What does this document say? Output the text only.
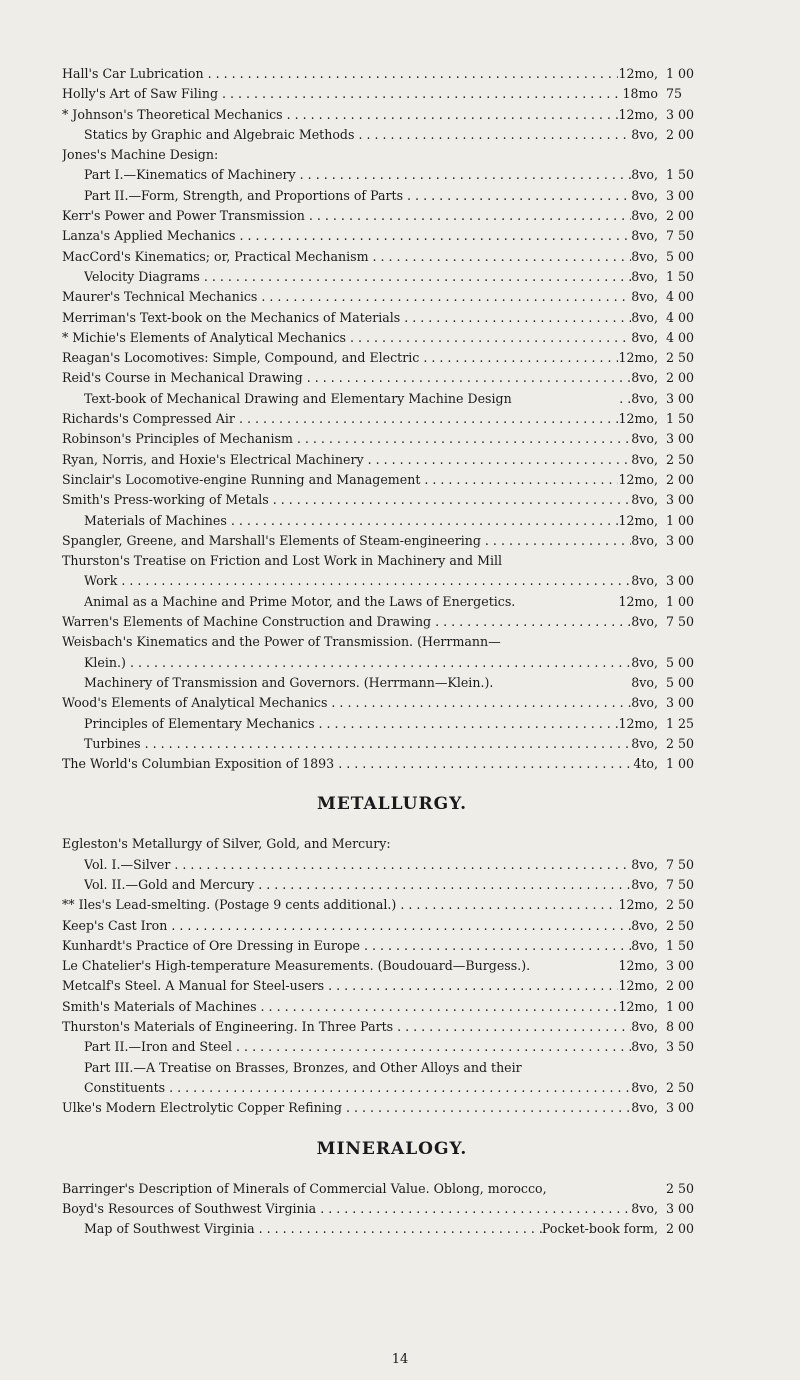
Hall's Car Lubrication . . .	12mo, 1 00
Holly's Art of Saw Filing . . .	18mo 75
* Johnson's Theoretical Mechanics . . .	12mo, 3 00
Statics by Graphic and Algebraic Methods . . .	8vo, 2 00
Jones's Machine Design:
Part I.—Kinematics of Machinery . . .	8vo, 1 50
Part II.—Form, Strength, and Proportions of Parts . . .	8vo, 3 00
Kerr's Power and Power Transmission . . .	8vo, 2 00
Lanza's Applied Mechanics . . .	8vo, 7 50
MacCord's Kinematics; or, Practical Mechanism . . .	8vo, 5 00
Velocity Diagrams . . .	8vo, 1 50
Maurer's Technical Mechanics . . .	8vo, 4 00
Merriman's Text-book on the Mechanics of Materials . . .	8vo, 4 00
* Michie's Elements of Analytical Mechanics . . .	8vo, 4 00
Reagan's Locomotives: Simple, Compound, and Electric . . .	12mo, 2 50
Reid's Course in Mechanical Drawing . . .	8vo, 2 00
Text-book of Mechanical Drawing and Elementary Machine Design	. .8vo, 3 00
Richards's Compressed Air . . .	12mo, 1 50
Robinson's Principles of Mechanism . . .	8vo, 3 00
Ryan, Norris, and Hoxie's Electrical Machinery . . .	8vo, 2 50
Sinclair's Locomotive-engine Running and Management . . .	12mo, 2 00
Smith's Press-working of Metals . . .	8vo, 3 00
Materials of Machines . . .	12mo, 1 00
Spangler, Greene, and Marshall's Elements of Steam-engineering . . .	8vo, 3 00
Thurston's Treatise on Friction and Lost Work in Machinery and Mill
Work . . .	8vo, 3 00
Animal as a Machine and Prime Motor, and the Laws of Energetics.	12mo, 1 00
Warren's Elements of Machine Construction and Drawing . . .	8vo, 7 50
Weisbach's Kinematics and the Power of Transmission. (Herrmann—
Klein.) . . .	8vo, 5 00
Machinery of Transmission and Governors. (Herrmann—Klein.).	8vo, 5 00
Wood's Elements of Analytical Mechanics . . .	8vo, 3 00
Principles of Elementary Mechanics . . .	12mo, 1 25
Turbines . . .	8vo, 2 50
The World's Columbian Exposition of 1893 . . .	4to, 1 00
METALLURGY.
Egleston's Metallurgy of Silver, Gold, and Mercury:
Vol. I.—Silver . . .	8vo, 7 50
Vol. II.—Gold and Mercury . . .	8vo, 7 50
** Iles's Lead-smelting. (Postage 9 cents additional.) . . .	12mo, 2 50
Keep's Cast Iron . . .	8vo, 2 50
Kunhardt's Practice of Ore Dressing in Europe . . .	8vo, 1 50
Le Chatelier's High-temperature Measurements. (Boudouard—Burgess.).	12mo, 3 00
Metcalf's Steel. A Manual for Steel-users . . .	12mo, 2 00
Smith's Materials of Machines . . .	12mo, 1 00
Thurston's Materials of Engineering. In Three Parts . . .	8vo, 8 00
Part II.—Iron and Steel . . .	8vo, 3 50
Part III.—A Treatise on Brasses, Bronzes, and Other Alloys and their
Constituents . . .	8vo, 2 50
Ulke's Modern Electrolytic Copper Refining . . .	8vo, 3 00
MINERALOGY.
Barringer's Description of Minerals of Commercial Value. Oblong, morocco,	2 50
Boyd's Resources of Southwest Virginia . . .	8vo, 3 00
Map of Southwest Virginia . . .	Pocket-book form, 2 00
14
